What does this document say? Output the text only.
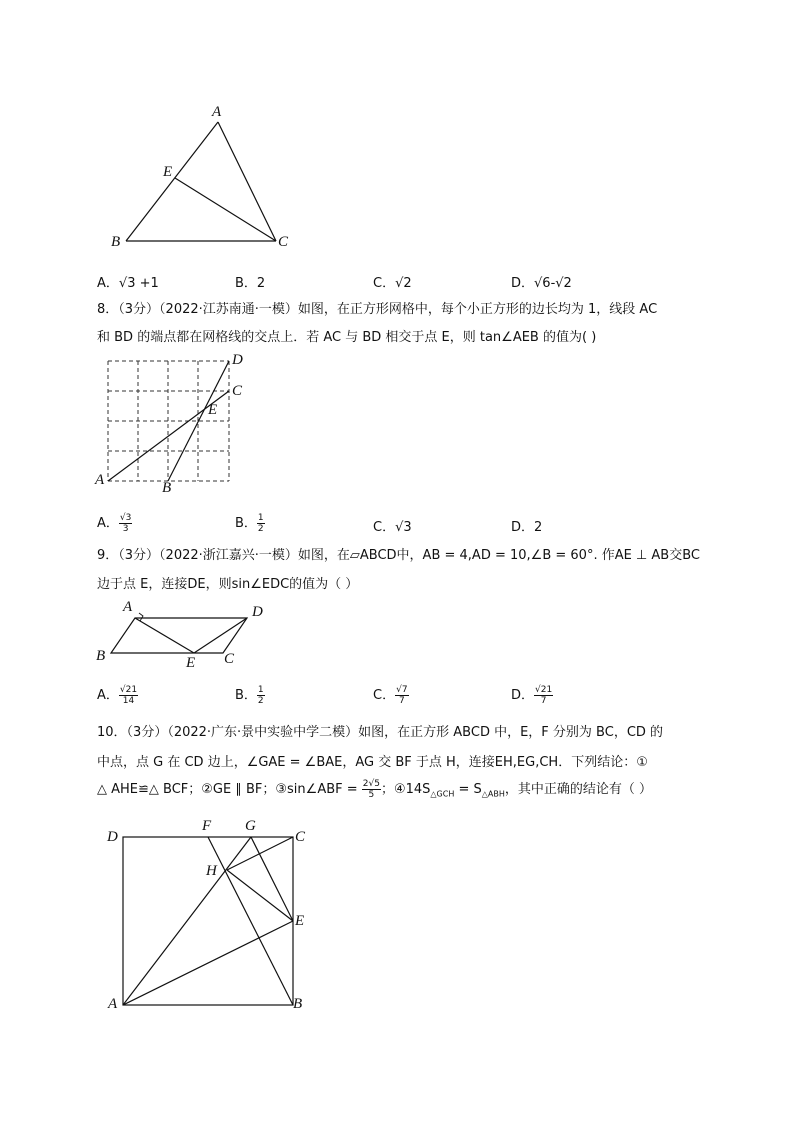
A
E
B	C
A．√3 +1	B．2	C．√2	D．√6-√2
8．（3分）（2022·江苏南通·一模）如图，在正方形网格中，每个小正方形的边长均为 1，线段 AC
和 BD 的端点都在网格线的交点上．若 AC 与 BD 相交于点 E，则 tan∠AEB 的值为( )
D
C
E
A	B
A． $\frac{√3}{3}$	B． $\frac{1}{2}$	C．√3	D．2
9．（3分）（2022·浙江嘉兴·一模）如图，在▱ABCD中，AB = 4,AD = 10,∠B = 60°. 作AE ⊥ AB交BC
边于点 E，连接DE，则sin∠EDC的值为（ ）
A	D
B	E C
A． $\frac{√21}{14}$	B． $\frac{1}{2}$	C． $\frac{√7}{7}$	D． $\frac{√21}{7}$
10．（3分）（2022·广东·景中实验中学二模）如图，在正方形 ABCD 中，E，F 分别为 BC，CD 的
中点，点 G 在 CD 边上，∠GAE = ∠BAE，AG 交 BF 于点 H，连接EH,EG,CH．下列结论：①
△ AHE≌△ BCF；②GE ∥ BF；③sin∠ABF = $\frac{2√5}{5}$ ；$④14S_{\triangle GCH} = S_{\triangle ABH}$，其中正确的结论有（ ）
D
F G
C
H
E
A	B
